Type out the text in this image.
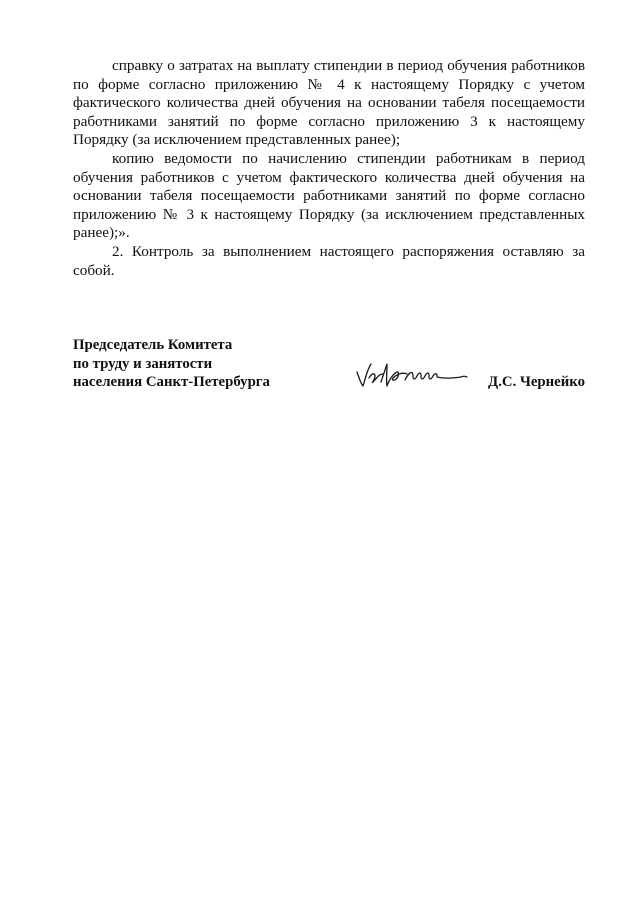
справку о затратах на выплату стипендии в период обучения работников по форме согласно приложению № 4 к настоящему Порядку с учетом фактического количества дней обучения на основании табеля посещаемости работниками занятий по форме согласно приложению 3 к настоящему Порядку (за исключением представленных ранее);

копию ведомости по начислению стипендии работникам в период обучения работников с учетом фактического количества дней обучения на основании табеля посещаемости работниками занятий по форме согласно приложению № 3 к настоящему Порядку (за исключением представленных ранее);».

2. Контроль за выполнением настоящего распоряжения оставляю за собой.

Председатель Комитета
по труду и занятости
населения Санкт-Петербурга	Д.С. Чернейко
